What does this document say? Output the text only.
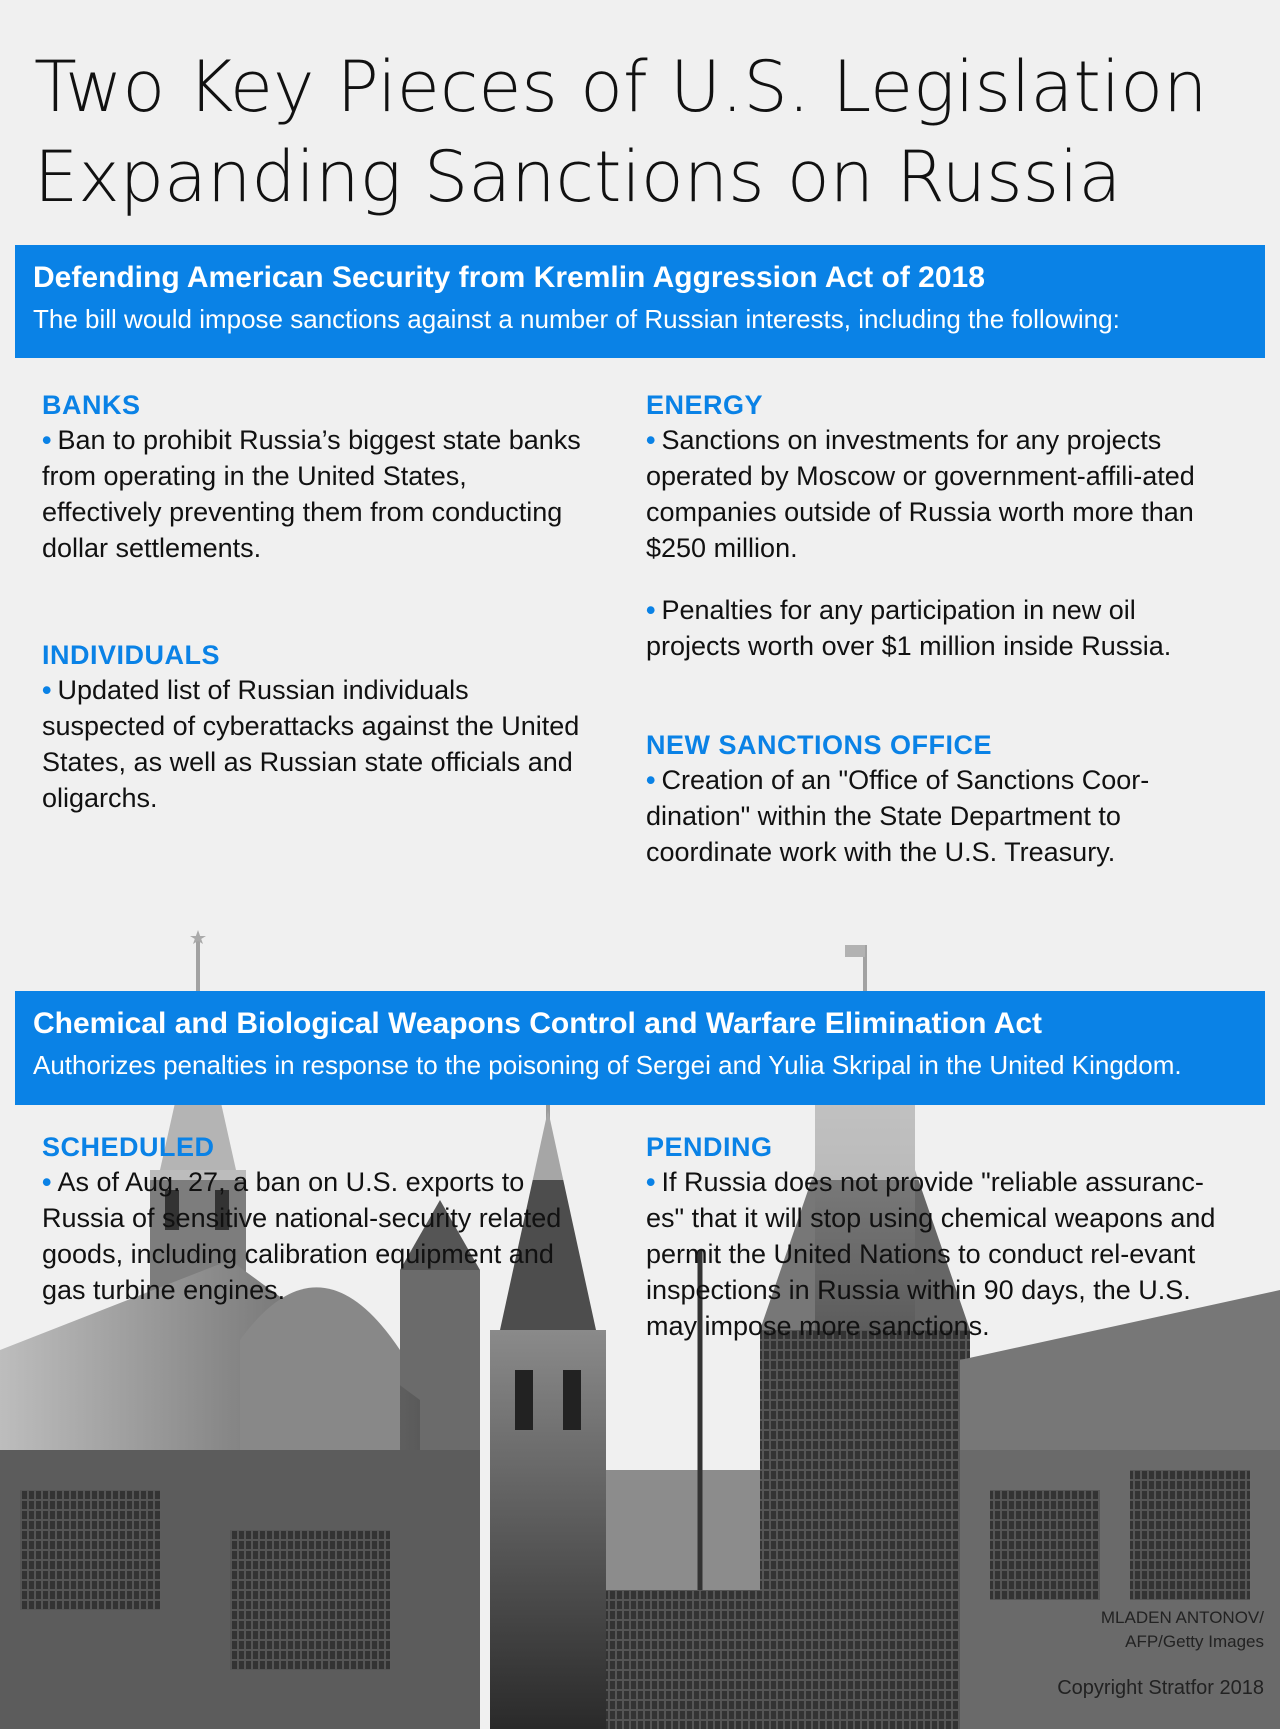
Two Key Pieces of U.S. Legislation
Expanding Sanctions on Russia
Defending American Security from Kremlin Aggression Act of 2018
The bill would impose sanctions against a number of Russian interests, including the following:
BANKS

• Ban to prohibit Russia’s biggest state banks from operating in the United States, effectively preventing them from conducting dollar settlements.

INDIVIDUALS

• Updated list of Russian individuals suspected of cyberattacks against the United States, as well as Russian state officials and oligarchs.

ENERGY

• Sanctions on investments for any projects operated by Moscow or government-affili-ated companies outside of Russia worth more than $250 million.

• Penalties for any participation in new oil projects worth over $1 million inside Russia.

NEW SANCTIONS OFFICE

• Creation of an "Office of Sanctions Coor-dination" within the State Department to coordinate work with the U.S. Treasury.

Chemical and Biological Weapons Control and Warfare Elimination Act
Authorizes penalties in response to the poisoning of Sergei and Yulia Skripal in the United Kingdom.
SCHEDULED

• As of Aug. 27, a ban on U.S. exports to Russia of sensitive national-security related goods, including calibration equipment and gas turbine engines.

PENDING

• If Russia does not provide "reliable assuranc-es" that it will stop using chemical weapons and permit the United Nations to conduct rel-evant inspections in Russia within 90 days, the U.S. may impose more sanctions.

MLADEN ANTONOV/
AFP/Getty Images
Copyright Stratfor 2018
